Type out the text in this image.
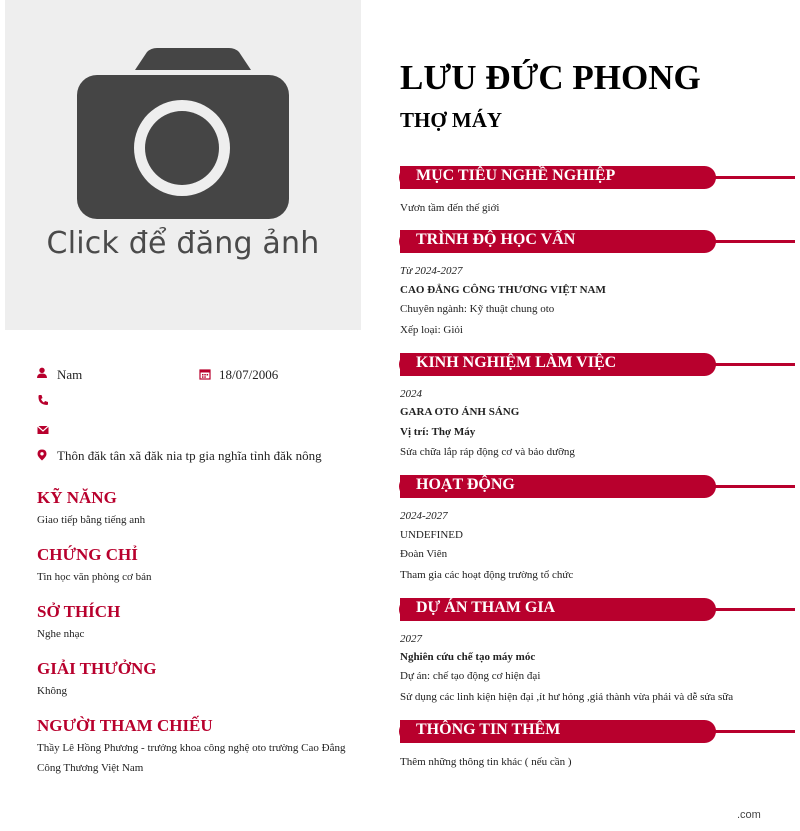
Click để đăng ảnh
Nam	18/07/2006
Thôn đăk tân xã đăk nia tp gia nghĩa tỉnh đăk nông
KỸ NĂNG
Giao tiếp bằng tiếng anh
CHỨNG CHỈ
Tin học văn phòng cơ bản
SỞ THÍCH
Nghe nhạc
GIẢI THƯỞNG
Không
NGƯỜI THAM CHIẾU
Thầy Lê Hồng Phương - trưởng khoa công nghệ oto trường Cao Đẳng Công Thương Việt Nam
LƯU ĐỨC PHONG
THỢ MÁY
MỤC TIÊU NGHỀ NGHIỆP
Vươn tầm đến thế giới
TRÌNH ĐỘ HỌC VẤN
Từ 2024-2027
CAO ĐẲNG CÔNG THƯƠNG VIỆT NAM
Chuyên ngành: Kỹ thuật chung oto
Xếp loại: Giỏi
KINH NGHIỆM LÀM VIỆC
2024
GARA OTO ÁNH SÁNG
Vị trí: Thợ Máy
Sửa chữa lắp ráp động cơ và bảo dưỡng
HOẠT ĐỘNG
2024-2027
UNDEFINED
Đoàn Viên
Tham gia các hoạt động trường tổ chức
DỰ ÁN THAM GIA
2027
Nghiên cứu chế tạo máy móc
Dự án: chế tạo động cơ hiện đại
Sử dụng các linh kiện hiện đại ,ít hư hỏng ,giá thành vừa phải và dễ sửa sữa
THÔNG TIN THÊM
Thêm những thông tin khác ( nếu cần )
.com
